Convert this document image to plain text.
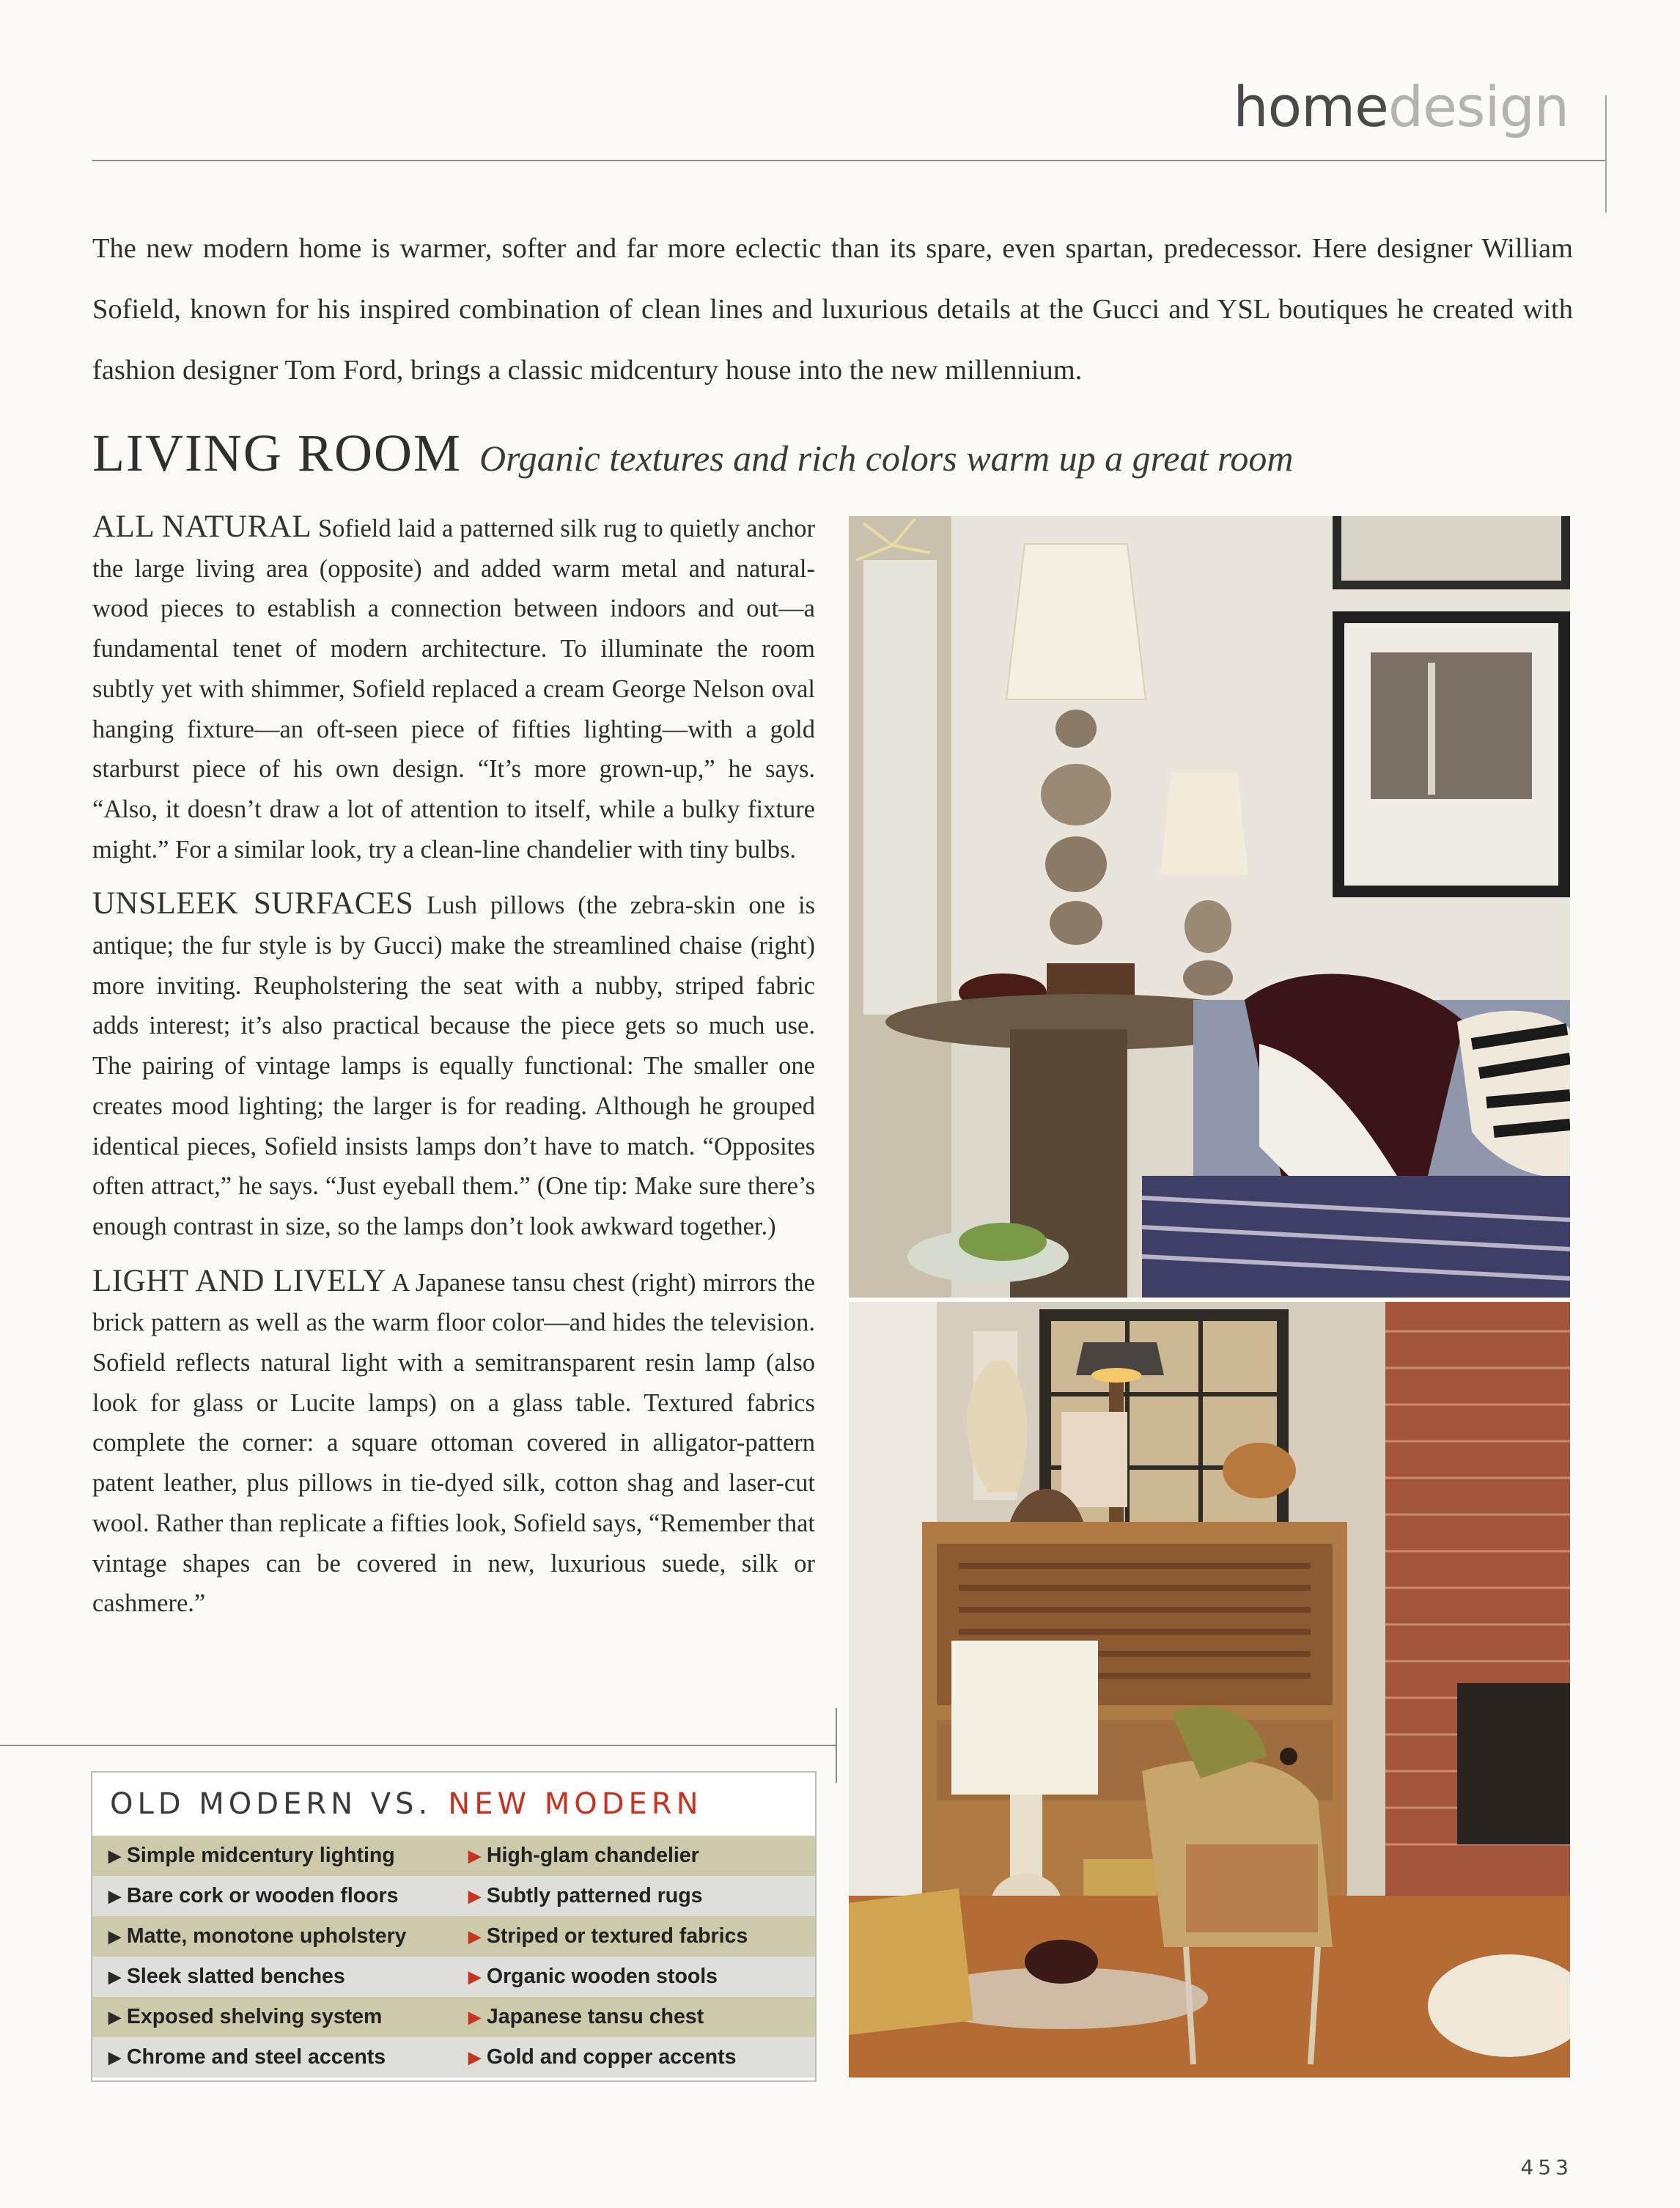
homedesign

The new modern home is warmer, softer and far more eclectic than its spare, even spartan, predecessor. Here designer William Sofield, known for his inspired combination of clean lines and luxurious details at the Gucci and YSL boutiques he created with fashion designer Tom Ford, brings a classic midcentury house into the new millennium.

LIVING ROOM Organic textures and rich colors warm up a great room

ALL NATURAL Sofield laid a patterned silk rug to quietly anchor the large living area (opposite) and added warm metal and natural-wood pieces to establish a connection between indoors and out—a fundamental tenet of modern architecture. To illuminate the room subtly yet with shimmer, Sofield replaced a cream George Nelson oval hanging fixture—an oft-seen piece of fifties lighting—with a gold starburst piece of his own design. “It’s more grown-up,” he says. “Also, it doesn’t draw a lot of attention to itself, while a bulky fixture might.” For a similar look, try a clean-line chandelier with tiny bulbs.

UNSLEEK SURFACES Lush pillows (the zebra-skin one is antique; the fur style is by Gucci) make the streamlined chaise (right) more inviting. Reupholstering the seat with a nubby, striped fabric adds interest; it’s also practical because the piece gets so much use. The pairing of vintage lamps is equally functional: The smaller one creates mood lighting; the larger is for reading. Although he grouped identical pieces, Sofield insists lamps don’t have to match. “Opposites often attract,” he says. “Just eyeball them.” (One tip: Make sure there’s enough contrast in size, so the lamps don’t look awkward together.)

LIGHT AND LIVELY A Japanese tansu chest (right) mirrors the brick pattern as well as the warm floor color—and hides the television. Sofield reflects natural light with a semitransparent resin lamp (also look for glass or Lucite lamps) on a glass table. Textured fabrics complete the corner: a square ottoman covered in alligator-pattern patent leather, plus pillows in tie-dyed silk, cotton shag and laser-cut wool. Rather than replicate a fifties look, Sofield says, “Remember that vintage shapes can be covered in new, luxurious suede, silk or cashmere.”

OLD MODERN VS. NEW MODERN
▶ Simple midcentury lighting	▶ High-glam chandelier
▶ Bare cork or wooden floors	▶ Subtly patterned rugs
▶ Matte, monotone upholstery	▶ Striped or textured fabrics
▶ Sleek slatted benches	▶ Organic wooden stools
▶ Exposed shelving system	▶ Japanese tansu chest
▶ Chrome and steel accents	▶ Gold and copper accents
453
